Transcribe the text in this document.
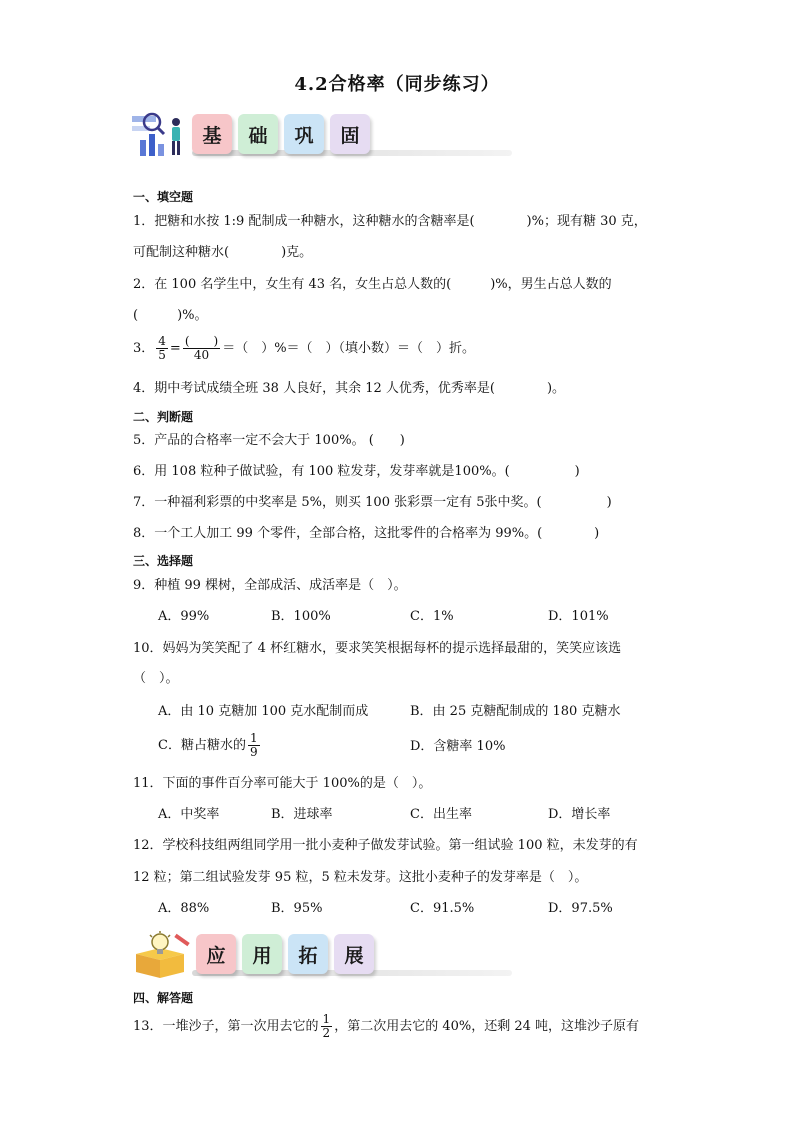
4.2合格率（同步练习）
基	础	巩	固
一、填空题
1．把糖和水按 1:9 配制成一种糖水，这种糖水的含糖率是(　　　　)%；现有糖 30 克，
可配制这种糖水(　　　　)克。
2．在 100 名学生中，女生有 43 名，女生占总人数的(　　　)%，男生占总人数的
(　　　)%。
3． $\frac{4}{5} = \frac{( )}{40}$ ＝（　）%＝（　）（填小数）＝（　）折。
4．期中考试成绩全班 38 人良好，其余 12 人优秀，优秀率是(　　　　)。
二、判断题
5．产品的合格率一定不会大于 100%。 (　　)
6．用 108 粒种子做试验，有 100 粒发芽，发芽率就是100%。(　　　　　)
7．一种福利彩票的中奖率是 5%，则买 100 张彩票一定有 5张中奖。(　　　　　)
8．一个工人加工 99 个零件，全部合格，这批零件的合格率为 99%。(　　　　)
三、选择题
9．种植 99 棵树，全部成活、成活率是（　）。
A．99%	B．100%	C．1%	D．101%
10．妈妈为笑笑配了 4 杯红糖水，要求笑笑根据每杯的提示选择最甜的，笑笑应该选
（　）。
A．由 10 克糖加 100 克水配制而成	B．由 25 克糖配制成的 180 克糖水
C．糖占糖水的 $\frac{1}{9}$	D．含糖率 10%
11．下面的事件百分率可能大于 100%的是（　）。
A．中奖率	B．进球率	C．出生率	D．增长率
12．学校科技组两组同学用一批小麦种子做发芽试验。第一组试验 100 粒，未发芽的有
12 粒；第二组试验发芽 95 粒，5 粒未发芽。这批小麦种子的发芽率是（　）。
A．88%	B．95%	C．91.5%	D．97.5%
应	用	拓	展
四、解答题
13．一堆沙子，第一次用去它的 $\frac{1}{2}$ ，第二次用去它的 40%，还剩 24 吨，这堆沙子原有
